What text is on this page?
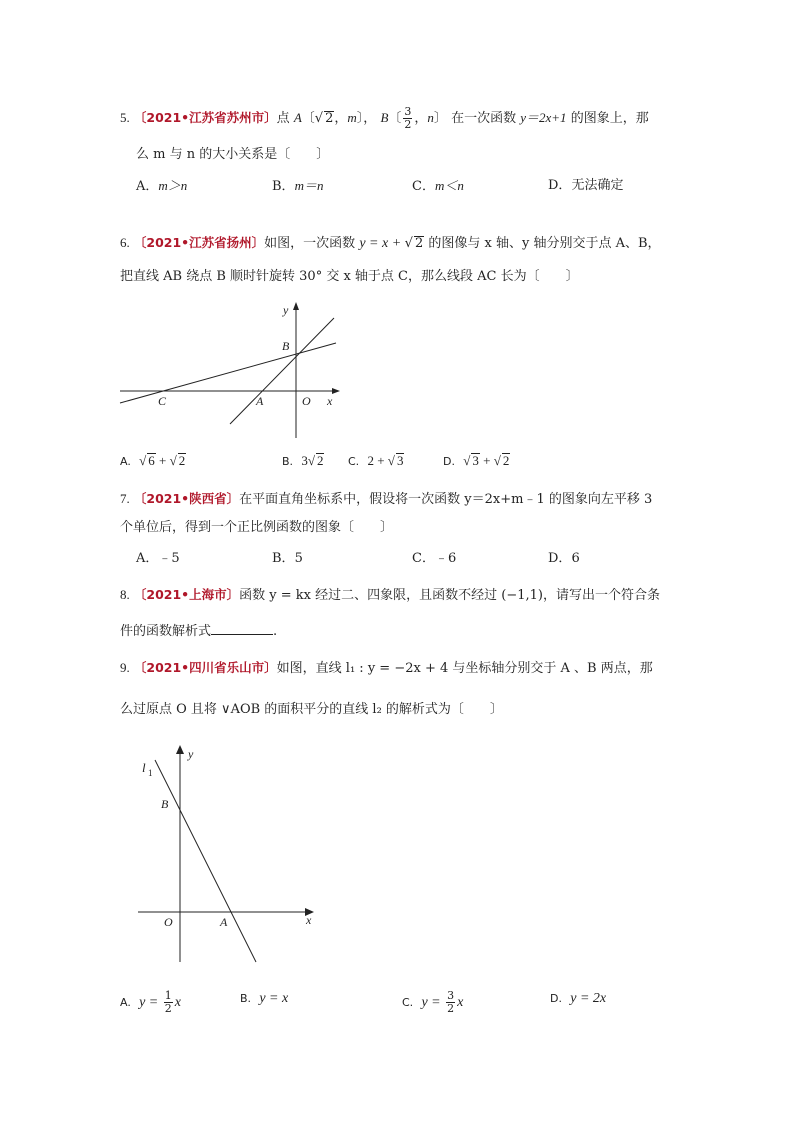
5. 〔2021•江苏省苏州市〕点 A〔√ 2，m〕， B〔 $\frac{3}{2}$ ，n〕 在一次函数 y＝2x+1 的图象上，那
么 m 与 n 的大小关系是〔　　〕
A．m＞n	B．m＝n	C．m＜n	D．无法确定
6. 〔2021•江苏省扬州〕如图，一次函数 y = x + √ 2 的图像与 x 轴、y 轴分别交于点 A、B，
把直线 AB 绕点 B 顺时针旋转 30° 交 x 轴于点 C，那么线段 AC 长为〔　　〕
y
B
C	A	O x
A. √ 6 + √ 2	B. 3√ 2 C. 2 + √ 3	D. √ 3 + √ 2
7. 〔2021•陕西省〕在平面直角坐标系中，假设将一次函数 y＝2x+m﹣1 的图象向左平移 3
个单位后，得到一个正比例函数的图象〔　　〕
A．﹣5	B．5	C．﹣6	D．6
8. 〔2021•上海市〕函数 y = kx 经过二、四象限，且函数不经过 (−1,1)，请写出一个符合条
件的函数解析式	.
9. 〔2021•四川省乐山市〕如图，直线 l₁ : y = −2x + 4 与坐标轴分别交于 A 、B 两点，那
么过原点 O 且将 ∨AOB 的面积平分的直线 l₂ 的解析式为〔　　〕
l 1
y
B
O	A	x
A. $y = \frac{1}{2}$ x	B. y = x	C. $y = \frac{3}{2}$ x	D. y = 2x
